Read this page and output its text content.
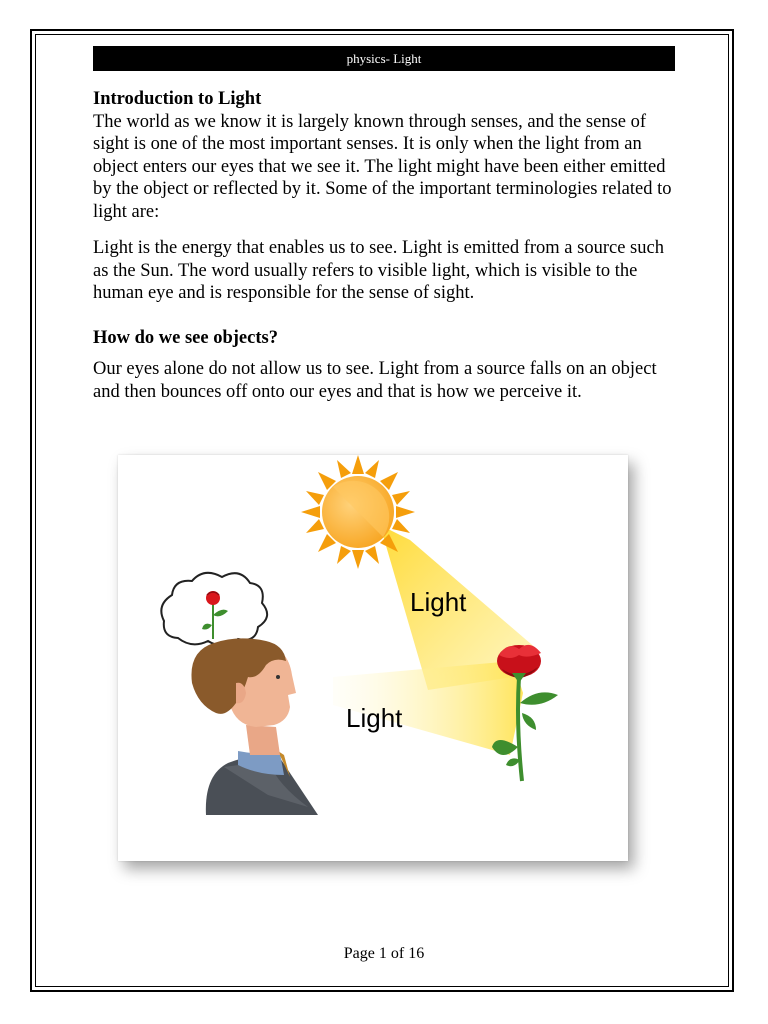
physics- Light

Introduction to Light

The world as we know it is largely known through senses, and the sense of sight is one of the most important senses. It is only when the light from an object enters our eyes that we see it. The light might have been either emitted by the object or reflected by it. Some of the important terminologies related to light are:

Light is the energy that enables us to see. Light is emitted from a source such as the Sun. The word usually refers to visible light, which is visible to the human eye and is responsible for the sense of sight.

How do we see objects?

Our eyes alone do not allow us to see. Light from a source falls on an object and then bounces off onto our eyes and that is how we perceive it.

Light
Light
Page 1 of 16
